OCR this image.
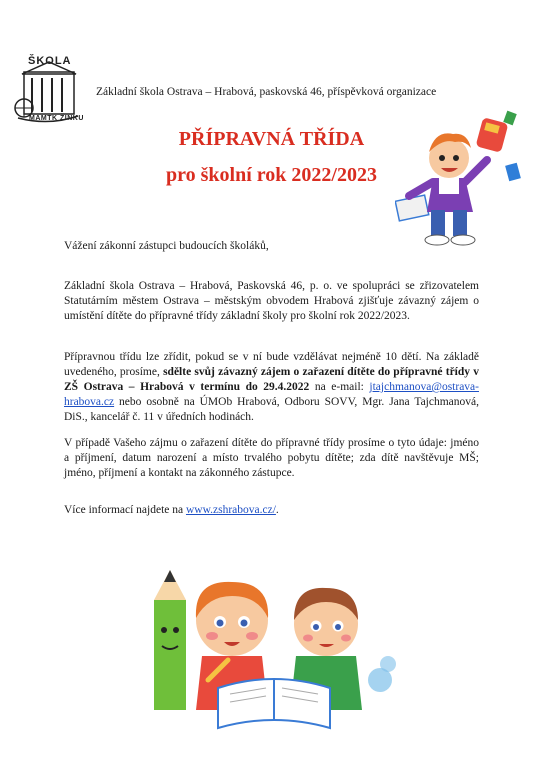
ŠKOLA
MAMTK ŽÍNKU
Základní škola Ostrava – Hrabová, paskovská 46, příspěvková organizace
PŘÍPRAVNÁ TŘÍDA
pro školní rok 2022/2023
Vážení zákonní zástupci budoucích školáků,
Základní škola Ostrava – Hrabová, Paskovská 46, p. o. ve spolupráci se zřizovatelem Statutárním městem Ostrava – městským obvodem Hrabová zjišťuje závazný zájem o umístění dítěte do přípravné třídy základní školy pro školní rok 2022/2023.
Přípravnou třídu lze zřídit, pokud se v ní bude vzdělávat nejméně 10 dětí. Na základě uvedeného, prosíme, sdělte svůj závazný zájem o zařazení dítěte do přípravné třídy v ZŠ Ostrava – Hrabová v termínu do 29.4.2022 na e-mail: jtajchmanova@ostrava-hrabova.cz nebo osobně na ÚMOb Hrabová, Odboru SOVV, Mgr. Jana Tajchmanová, DiS., kancelář č. 11 v úředních hodinách.
V případě Vašeho zájmu o zařazení dítěte do přípravné třídy prosíme o tyto údaje: jméno a příjmení, datum narození a místo trvalého pobytu dítěte; zda dítě navštěvuje MŠ; jméno, příjmení a kontakt na zákonného zástupce.
Více informací najdete na www.zshrabova.cz/.
